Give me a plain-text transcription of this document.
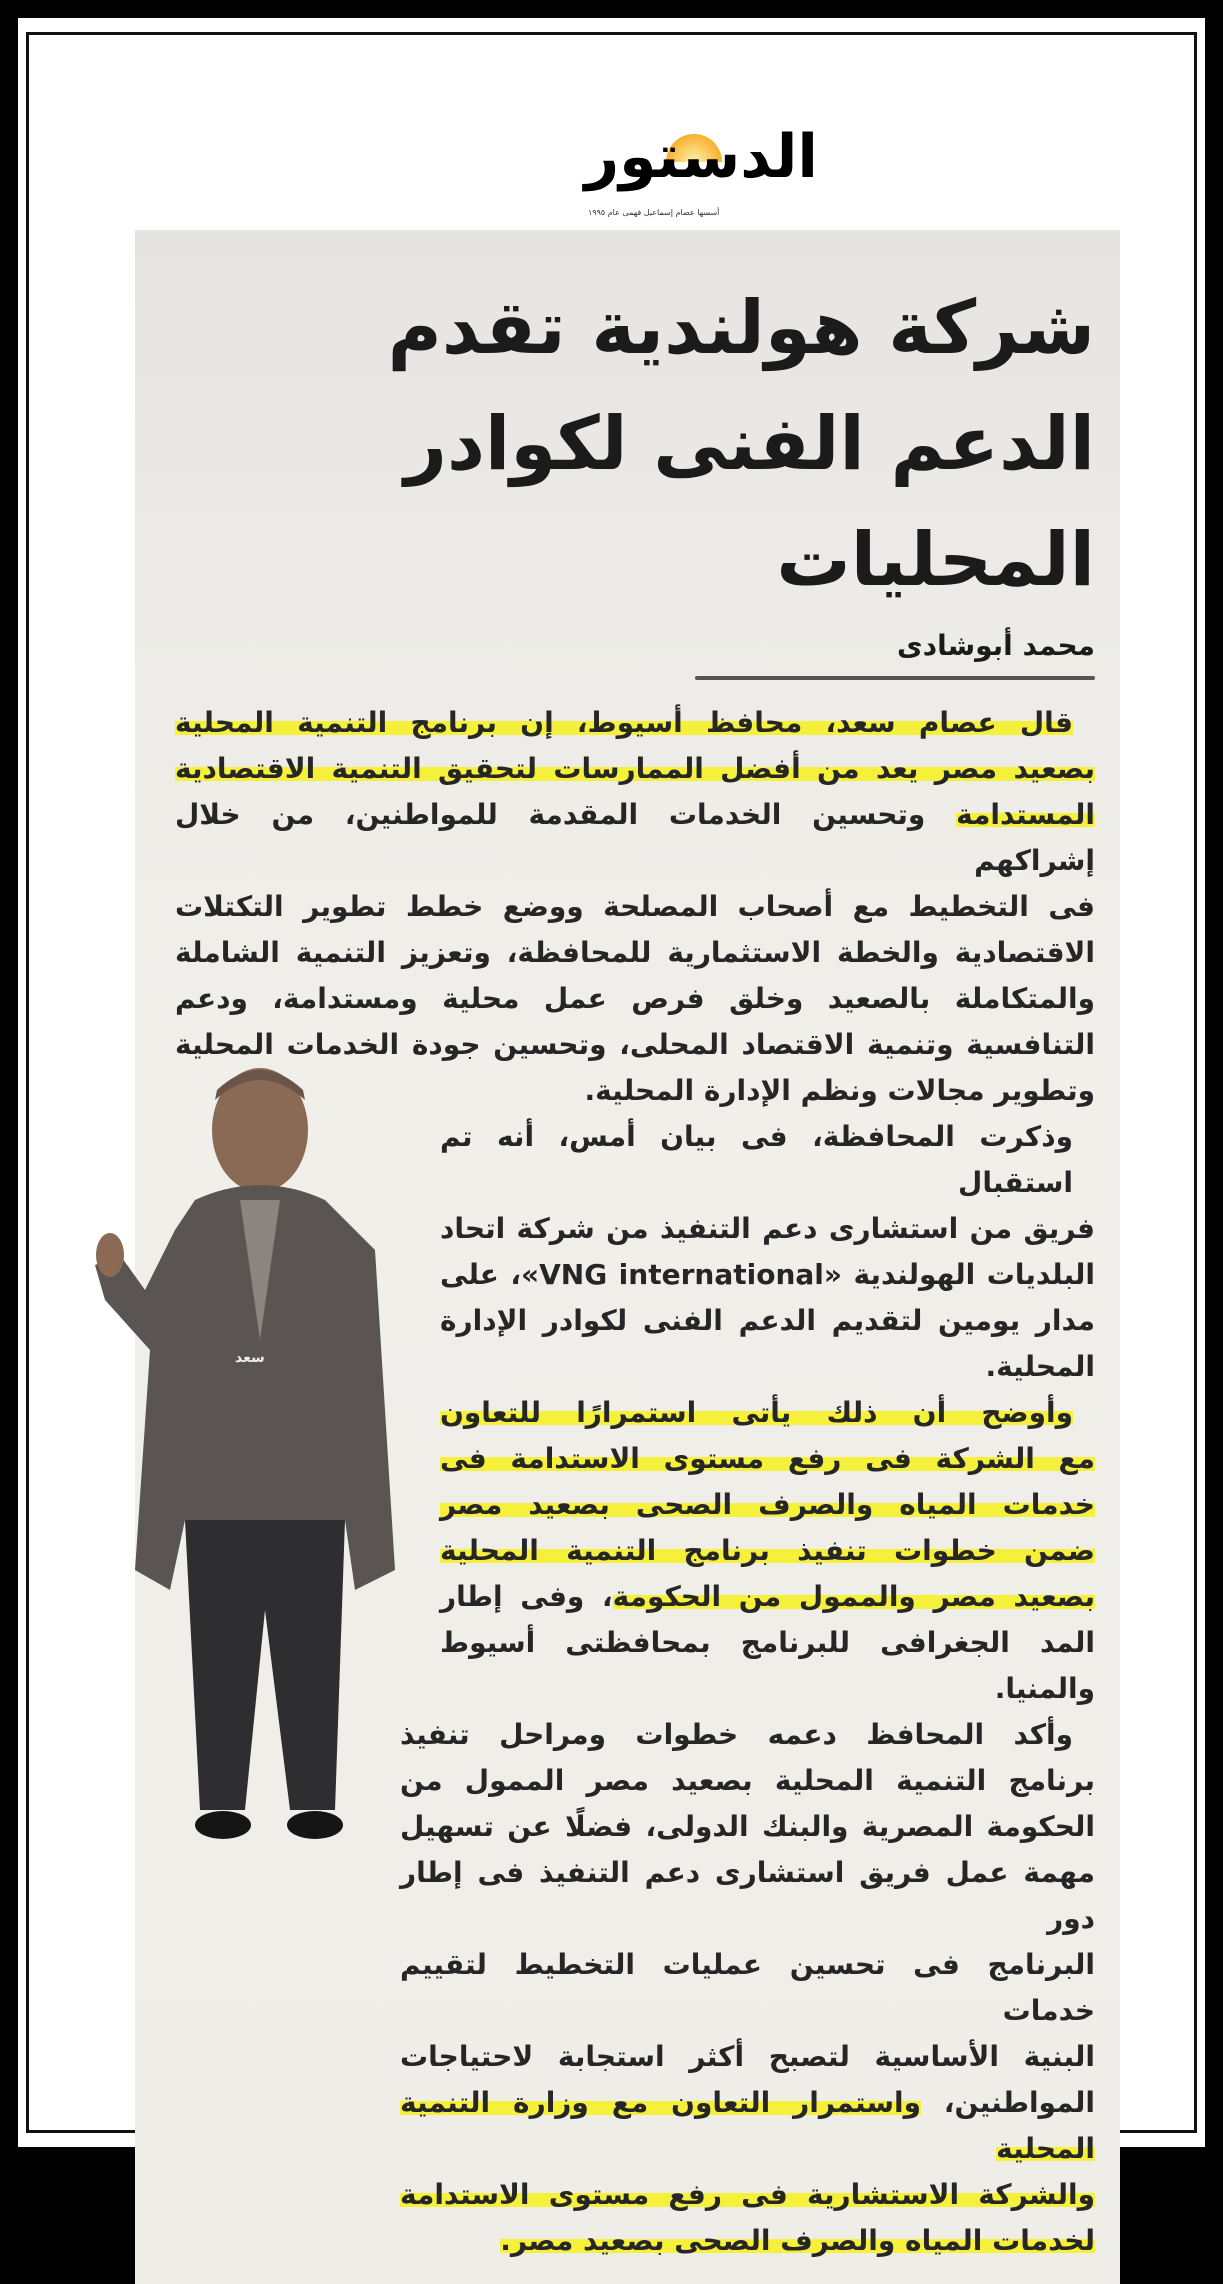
الدستور
أسسها عصام إسماعيل فهمى عام ١٩٩٥
سعد
شركة هولندية تقدم
الدعم الفنى لكوادر المحليات
محمد أبوشادى
قال عصام سعد، محافظ أسيوط، إن برنامج التنمية المحلية
بصعيد مصر يعد من أفضل الممارسات لتحقيق التنمية الاقتصادية
المستدامة وتحسين الخدمات المقدمة للمواطنين، من خلال إشراكهم
فى التخطيط مع أصحاب المصلحة ووضع خطط تطوير التكتلات
الاقتصادية والخطة الاستثمارية للمحافظة، وتعزيز التنمية الشاملة
والمتكاملة بالصعيد وخلق فرص عمل محلية ومستدامة، ودعم
التنافسية وتنمية الاقتصاد المحلى، وتحسين جودة الخدمات المحلية
وتطوير مجالات ونظم الإدارة المحلية.
وذكرت المحافظة، فى بيان أمس، أنه تم استقبال
فريق من استشارى دعم التنفيذ من شركة اتحاد
البلديات الهولندية «VNG international»، على
مدار يومين لتقديم الدعم الفنى لكوادر الإدارة
المحلية.
وأوضح أن ذلك يأتى استمرارًا للتعاون
مع الشركة فى رفع مستوى الاستدامة فى
خدمات المياه والصرف الصحى بصعيد مصر
ضمن خطوات تنفيذ برنامج التنمية المحلية
بصعيد مصر والممول من الحكومة، وفى إطار
المد الجغرافى للبرنامج بمحافظتى أسيوط
والمنيا.
وأكد المحافظ دعمه خطوات ومراحل تنفيذ
برنامج التنمية المحلية بصعيد مصر الممول من
الحكومة المصرية والبنك الدولى، فضلًا عن تسهيل
مهمة عمل فريق استشارى دعم التنفيذ فى إطار دور
البرنامج فى تحسين عمليات التخطيط لتقييم خدمات
البنية الأساسية لتصبح أكثر استجابة لاحتياجات
المواطنين، واستمرار التعاون مع وزارة التنمية المحلية
والشركة الاستشارية فى رفع مستوى الاستدامة
لخدمات المياه والصرف الصحى بصعيد مصر.
